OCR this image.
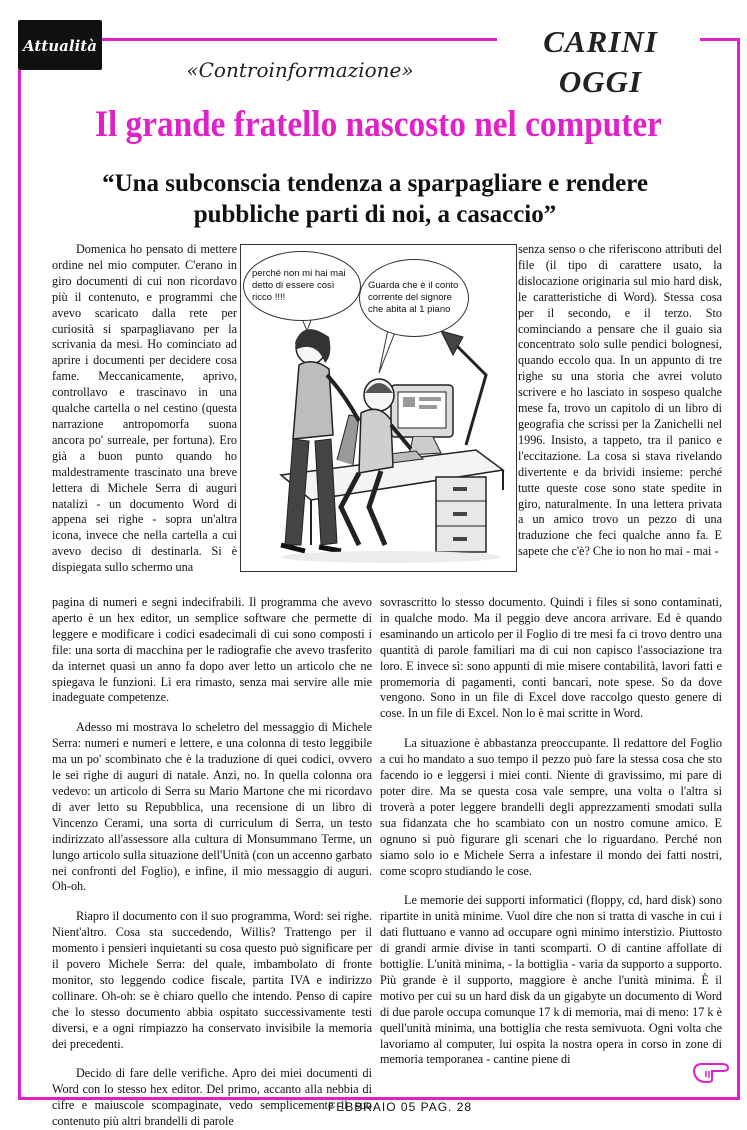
Attualità	CARINI OGGI
«Controinformazione»
Il grande fratello nascosto nel computer
“Una subconscia tendenza a sparpagliare e rendere pubbliche parti di noi, a casaccio”

Domenica ho pensato di mettere ordine nel mio computer. C'erano in giro documenti di cui non ricordavo più il contenuto, e programmi che avevo scaricato dalla rete per curiosità si sparpagliavano per la scrivania da mesi. Ho cominciato ad aprire i documenti per decidere cosa fame. Meccanicamente, aprivo, controllavo e trascinavo in una qualche cartella o nel cestino (questa narrazione antropomorfa suona ancora po' surreale, per fortuna). Ero già a buon punto quando ho maldestramente trascinato una breve lettera di Michele Serra di auguri natalizi - un documento Word di appena sei righe - sopra un'altra icona, invece che nella cartella a cui avevo deciso di destinarla. Si è dispiegata sullo schermo una

perché non mi hai mai detto di essere così ricco !!!!
Guarda che è il conto corrente del signore che abita al 1 piano

senza senso o che riferiscono attributi del file (il tipo di carattere usato, la dislocazione originaria sul mio hard disk, le caratteristiche di Word). Stessa cosa per il secondo, e il terzo. Sto cominciando a pensare che il guaio sia concentrato solo sulle pendici bolognesi, quando eccolo qua. In un appunto di tre righe su una storia che avrei voluto scrivere e ho lasciato in sospeso qualche mese fa, trovo un capitolo di un libro di geografia che scrissi per la Zanichelli nel 1996. Insisto, a tappeto, tra il panico e l'eccitazione. La cosa si stava rivelando divertente e da brividi insieme: perché tutte queste cose sono state spedite in giro, naturalmente. In una lettera privata a un amico trovo un pezzo di una traduzione che feci qualche anno fa. E sapete che c'è? Che io non ho mai - mai -

pagina di numeri e segni indecifrabili. Il programma che avevo aperto è un hex editor, un semplice software che permette di leggere e modificare i codici esadecimali di cui sono composti i file: una sorta di macchina per le radiografie che avevo trasferito da internet quasi un anno fa dopo aver letto un articolo che ne spiegava le funzioni. Lì era rimasto, senza mai servire alle mie inadeguate competenze.

Adesso mi mostrava lo scheletro del messaggio di Michele Serra: numeri e numeri e lettere, e una colonna di testo leggibile ma un po' scombinato che è la traduzione di quei codici, ovvero le sei righe di auguri di natale. Anzi, no. In quella colonna ora vedevo: un articolo di Serra su Mario Martone che mi ricordavo di aver letto su Repubblica, una recensione di un libro di Vincenzo Cerami, una sorta di curriculum di Serra, un testo indirizzato all'assessore alla cultura di Monsummano Terme, un lungo articolo sulla situazione dell'Unità (con un accenno garbato nei confronti del Foglio), e infine, il mio messaggio di auguri. Oh-oh.

Riapro il documento con il suo programma, Word: sei righe. Nient'altro. Cosa sta succedendo, Willis? Trattengo per il momento i pensieri inquietanti su cosa questo può significare per il povero Michele Serra: del quale, imbambolato di fronte monitor, sto leggendo codice fiscale, partita IVA e indirizzo collinare. Oh-oh: se è chiaro quello che intendo. Penso di capire che lo stesso documento abbia ospitato successivamente testi diversi, e a ogni rimpiazzo ha conservato invisibile la memoria dei precedenti.

Decido di fare delle verifiche. Apro dei miei documenti di Word con lo stesso hex editor. Del primo, accanto alla nebbia di cifre e maiuscole scompaginate, vedo semplicemente il suo contenuto più altri brandelli di parole

sovrascritto lo stesso documento. Quindi i files si sono contaminati, in qualche modo. Ma il peggio deve ancora arrivare. Ed è quando esaminando un articolo per il Foglio di tre mesi fa ci trovo dentro una quantità di parole familiari ma di cui non capisco l'associazione tra loro. E invece sì: sono appunti di mie misere contabilità, lavori fatti e promemoria di pagamenti, conti bancari, note spese. So da dove vengono. Sono in un file di Excel dove raccolgo questo genere di cose. In un file di Excel. Non lo è mai scritte in Word.

La situazione è abbastanza preoccupante. Il redattore del Foglio a cui ho mandato a suo tempo il pezzo può fare la stessa cosa che sto facendo io e leggersi i miei conti. Niente di gravissimo, mi pare di poter dire. Ma se questa cosa vale sempre, una volta o l'altra si troverà a poter leggere brandelli degli apprezzamenti smodati sulla sua fidanzata che ho scambiato con un nostro comune amico. E ognuno si può figurare gli scenari che lo riguardano. Perché non siamo solo io e Michele Serra a infestare il mondo dei fatti nostri, come scopro studiando le cose.

Le memorie dei supporti informatici (floppy, cd, hard disk) sono ripartite in unità minime. Vuol dire che non si tratta di vasche in cui i dati fluttuano e vanno ad occupare ogni minimo interstizio. Piuttosto di grandi armie divise in tanti scomparti. O di cantine affollate di bottiglie. L'unità minima, - la bottiglia - varia da supporto a supporto. Più grande è il supporto, maggiore è anche l'unità minima. È il motivo per cui su un hard disk da un gigabyte un documento di Word di due parole occupa comunque 17 k di memoria, mai di meno: 17 k è quell'unità minima, una bottiglia che resta semivuota. Ogni volta che lavoriamo al computer, lui ospita la nostra opera in corso in zone di memoria temporanea - cantine piene di

FEBBRAIO 05 PAG. 28
